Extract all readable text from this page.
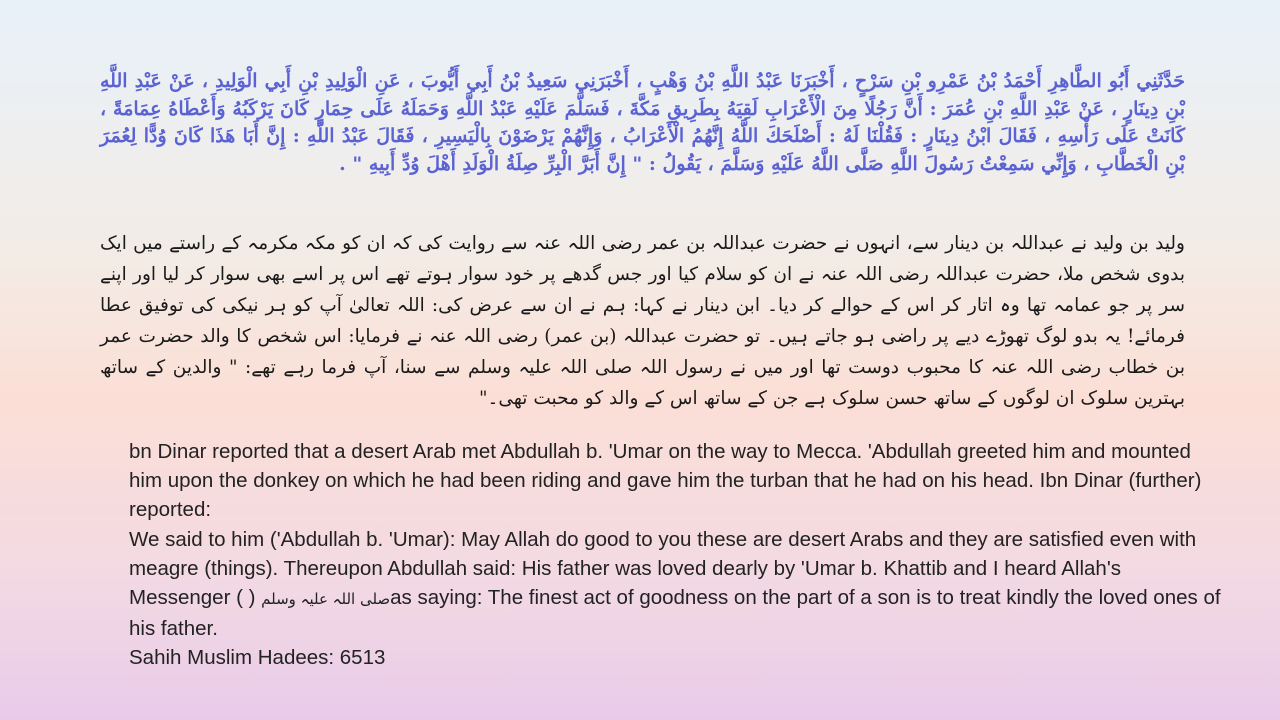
حَدَّثَنِي أَبُو الطَّاهِرِ أَحْمَدُ بْنُ عَمْرِو بْنِ سَرْحٍ ، أَخْبَرَنَا عَبْدُ اللَّهِ بْنُ وَهْبٍ ، أَخْبَرَنِي سَعِيدُ بْنُ أَبِي أَيُّوبَ ، عَنِ الْوَلِيدِ بْنِ أَبِي الْوَلِيدِ ، عَنْ عَبْدِ اللَّهِ بْنِ دِينَارٍ ، عَنْ عَبْدِ اللَّهِ بْنِ عُمَرَ : أَنَّ رَجُلًا مِنَ الْأَعْرَابِ لَقِيَهُ بِطَرِيقِ مَكَّةَ ، فَسَلَّمَ عَلَيْهِ عَبْدُ اللَّهِ وَحَمَلَهُ عَلَى حِمَارٍ كَانَ يَرْكَبُهُ وَأَعْطَاهُ عِمَامَةً ، كَانَتْ عَلَى رَأْسِهِ ، فَقَالَ ابْنُ دِينَارٍ : فَقُلْنَا لَهُ : أَصْلَحَكَ اللَّهُ إِنَّهُمُ الْأَعْرَابُ ، وَإِنَّهُمْ يَرْضَوْنَ بِالْيَسِيرِ ، فَقَالَ عَبْدُ اللَّهِ : إِنَّ أَبَا هَذَا كَانَ وُدًّا لِعُمَرَ بْنِ الْخَطَّابِ ، وَإِنِّي سَمِعْتُ رَسُولَ اللَّهِ صَلَّى اللَّهُ عَلَيْهِ وَسَلَّمَ ، يَقُولُ : " إِنَّ أَبَرَّ الْبِرِّ صِلَةُ الْوَلَدِ أَهْلَ وُدِّ أَبِيهِ " .
ولید بن ولید نے عبداللہ بن دینار سے، انہوں نے حضرت عبداللہ بن عمر رضی اللہ عنہ سے روایت کی کہ ان کو مکہ مکرمہ کے راستے میں ایک بدوی شخص ملا، حضرت عبداللہ رضی اللہ عنہ نے ان کو سلام کیا اور جس گدھے پر خود سوار ہوتے تھے اس پر اسے بھی سوار کر لیا اور اپنے سر پر جو عمامہ تھا وہ اتار کر اس کے حوالے کر دیا۔ ابن دینار نے کہا: ہم نے ان سے عرض کی: اللہ تعالیٰ آپ کو ہر نیکی کی توفیق عطا فرمائے! یہ بدو لوگ تھوڑے دیے پر راضی ہو جاتے ہیں۔ تو حضرت عبداللہ (بن عمر) رضی اللہ عنہ نے فرمایا: اس شخص کا والد حضرت عمر بن خطاب رضی اللہ عنہ کا محبوب دوست تھا اور میں نے رسول اللہ صلی اللہ علیہ وسلم سے سنا، آپ فرما رہے تھے: " والدین کے ساتھ بہترین سلوک ان لوگوں کے ساتھ حسن سلوک ہے جن کے ساتھ اس کے والد کو محبت تھی۔"

bn Dinar reported that a desert Arab met Abdullah b. 'Umar on the way to Mecca. 'Abdullah greeted him and mounted him upon the donkey on which he had been riding and gave him the turban that he had on his head. Ibn Dinar (further) reported:

We said to him ('Abdullah b. 'Umar): May Allah do good to you these are desert Arabs and they are satisfied even with meagre (things). Thereupon Abdullah said: His father was loved dearly by 'Umar b. Khattib and I heard Allah's Messenger ( ) صلی اللہ علیہ وسلمas saying: The finest act of goodness on the part of a son is to treat kindly the loved ones of his father.

Sahih Muslim Hadees: 6513
